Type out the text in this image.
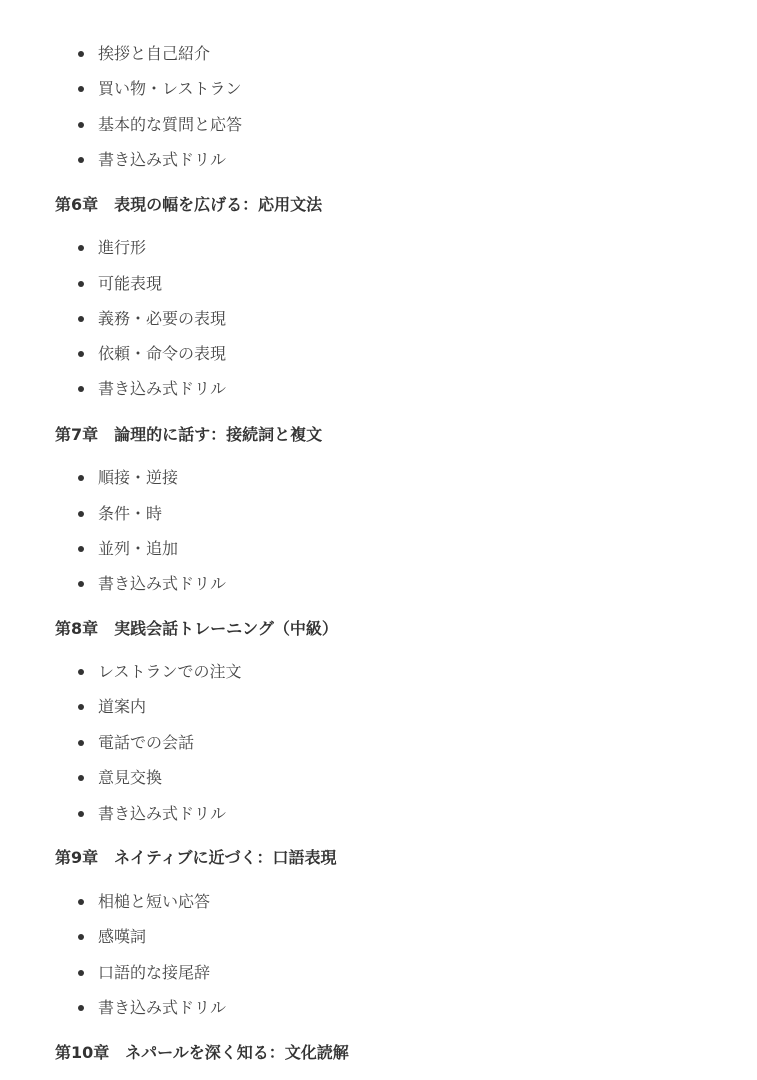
挨拶と自己紹介
買い物・レストラン
基本的な質問と応答
書き込み式ドリル
第6章　表現の幅を広げる：応用文法
進行形
可能表現
義務・必要の表現
依頼・命令の表現
書き込み式ドリル
第7章　論理的に話す：接続詞と複文
順接・逆接
条件・時
並列・追加
書き込み式ドリル
第8章　実践会話トレーニング（中級）
レストランでの注文
道案内
電話での会話
意見交換
書き込み式ドリル
第9章　ネイティブに近づく：口語表現
相槌と短い応答
感嘆詞
口語的な接尾辞
書き込み式ドリル
第10章　ネパールを深く知る：文化読解
